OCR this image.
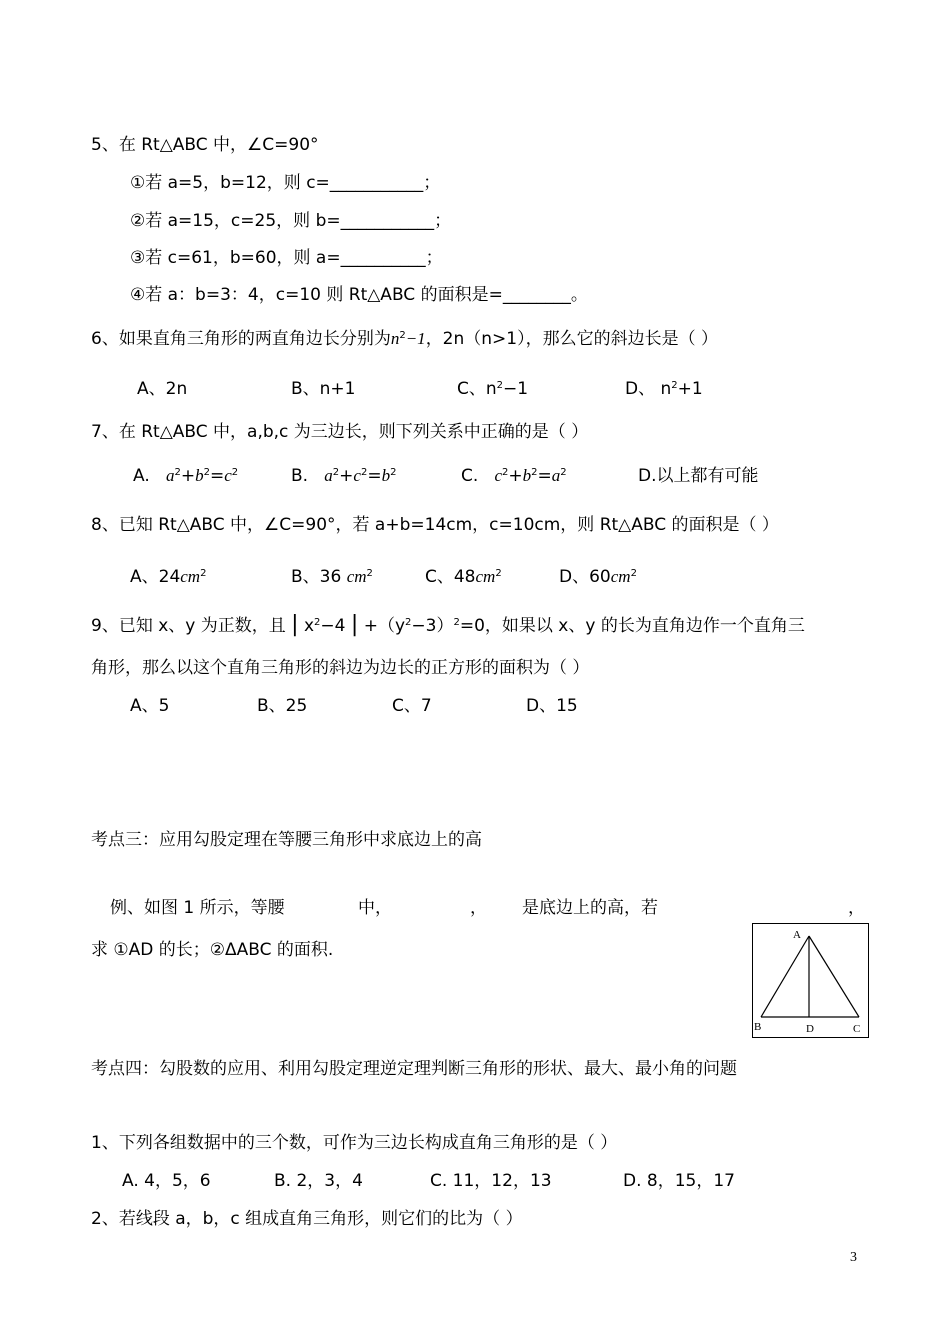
5、在 Rt△ABC 中，∠C=90°
①若 a=5，b=12，则 c=___________；
②若 a=15，c=25，则 b=___________；
③若 c=61，b=60，则 a=__________；
④若 a：b=3：4，c=10 则 Rt△ABC 的面积是=________。
6、如果直角三角形的两直角边长分别为$n^2-1$，2n（n>1），那么它的斜边长是（ ）
A、2n	B、n+1	C、$n^2-1$	D、 $n^2+1$
7、在 Rt△ABC 中，a,b,c 为三边长，则下列关系中正确的是（ ）
A. $a^2+b^2=c^2$	B. $a^2+c^2=b^2$	C. $c^2+b^2=a^2$	D.以上都有可能
8、已知 Rt△ABC 中，∠C=90°，若 a+b=14cm，c=10cm，则 Rt△ABC 的面积是（ ）
A、$24cm^2$	B、36 $cm^2$	C、$48cm^2$	D、$60cm^2$
9、已知 x、y 为正数，且 | $x^2-4$ | $+(y^2-3)^2=0$，如果以 x、y 的长为直角边作一个直角三
角形，那么以这个直角三角形的斜边为边长的正方形的面积为（ ）
A、5	B、25	C、7	D、15
考点三：应用勾股定理在等腰三角形中求底边上的高
例、如图 1 所示，等腰	中，	， 是底边上的高，若	，
求 ①AD 的长；②ΔABC 的面积.
A
B	D	C
考点四：勾股数的应用、利用勾股定理逆定理判断三角形的形状、最大、最小角的问题
1、下列各组数据中的三个数，可作为三边长构成直角三角形的是（ ）
A. 4，5，6	B. 2，3，4	C. 11，12，13	D. 8，15，17
2、若线段 a，b，c 组成直角三角形，则它们的比为（ ）
3
